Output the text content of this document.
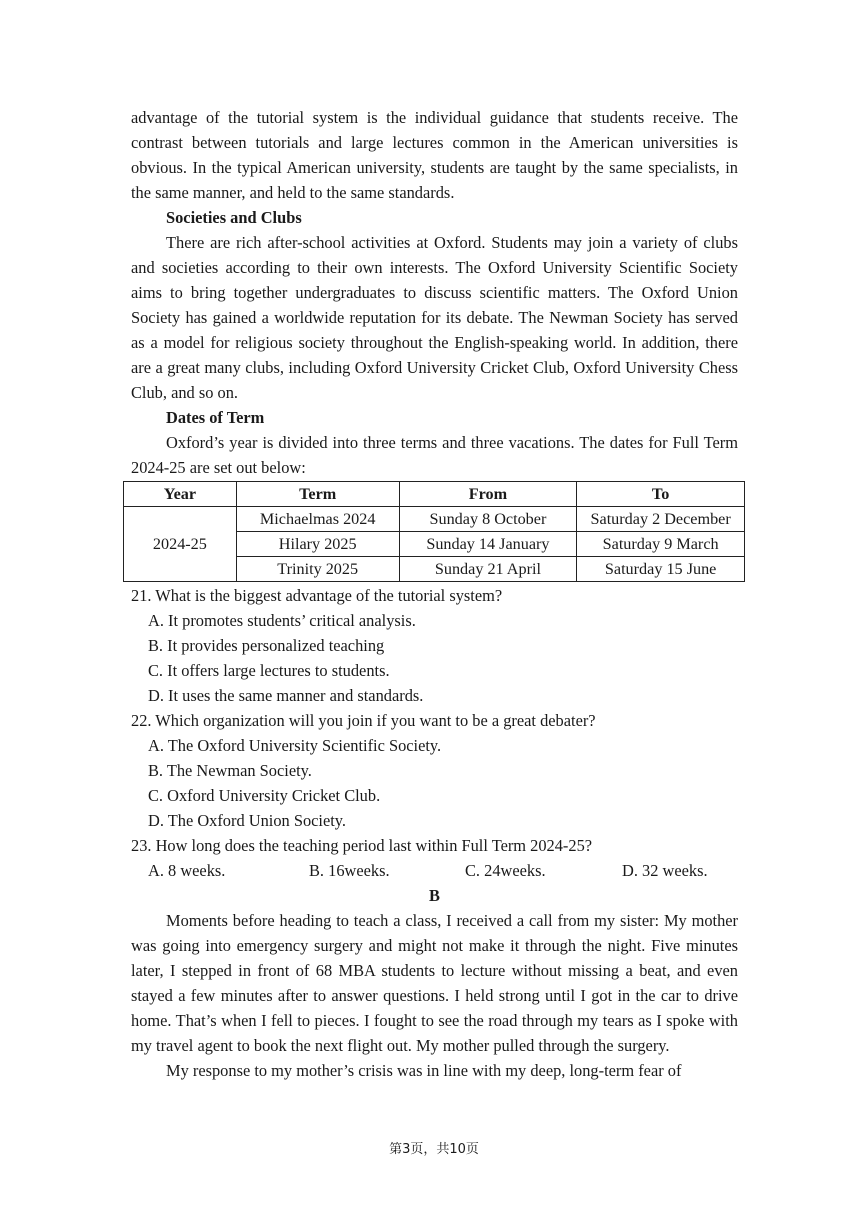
advantage of the tutorial system is the individual guidance that students receive. The contrast between tutorials and large lectures common in the American universities is obvious. In the typical American university, students are taught by the same specialists, in the same manner, and held to the same standards.

Societies and Clubs

There are rich after-school activities at Oxford. Students may join a variety of clubs and societies according to their own interests. The Oxford University Scientific Society aims to bring together undergraduates to discuss scientific matters. The Oxford Union Society has gained a worldwide reputation for its debate. The Newman Society has served as a model for religious society throughout the English-speaking world. In addition, there are a great many clubs, including Oxford University Cricket Club, Oxford University Chess Club, and so on.

Dates of Term

Oxford’s year is divided into three terms and three vacations. The dates for Full Term 2024-25 are set out below:

Year	Term	From	To
2024-25	Michaelmas 2024	Sunday 8 October	Saturday 2 December
	Hilary 2025	Sunday 14 January	Saturday 9 March
	Trinity 2025	Sunday 21 April	Saturday 15 June

21. What is the biggest advantage of the tutorial system?

A. It promotes students’ critical analysis.

B. It provides personalized teaching

C. It offers large lectures to students.

D. It uses the same manner and standards.

22. Which organization will you join if you want to be a great debater?

A. The Oxford University Scientific Society.

B. The Newman Society.

C. Oxford University Cricket Club.

D. The Oxford Union Society.

23. How long does the teaching period last within Full Term 2024-25?

A. 8 weeks.	B. 16weeks.	C. 24weeks.	D. 32 weeks.

B

Moments before heading to teach a class, I received a call from my sister: My mother was going into emergency surgery and might not make it through the night. Five minutes later, I stepped in front of 68 MBA students to lecture without missing a beat, and even stayed a few minutes after to answer questions. I held strong until I got in the car to drive home. That’s when I fell to pieces. I fought to see the road through my tears as I spoke with my travel agent to book the next flight out. My mother pulled through the surgery.

My response to my mother’s crisis was in line with my deep, long-term fear of

第3页，共10页
